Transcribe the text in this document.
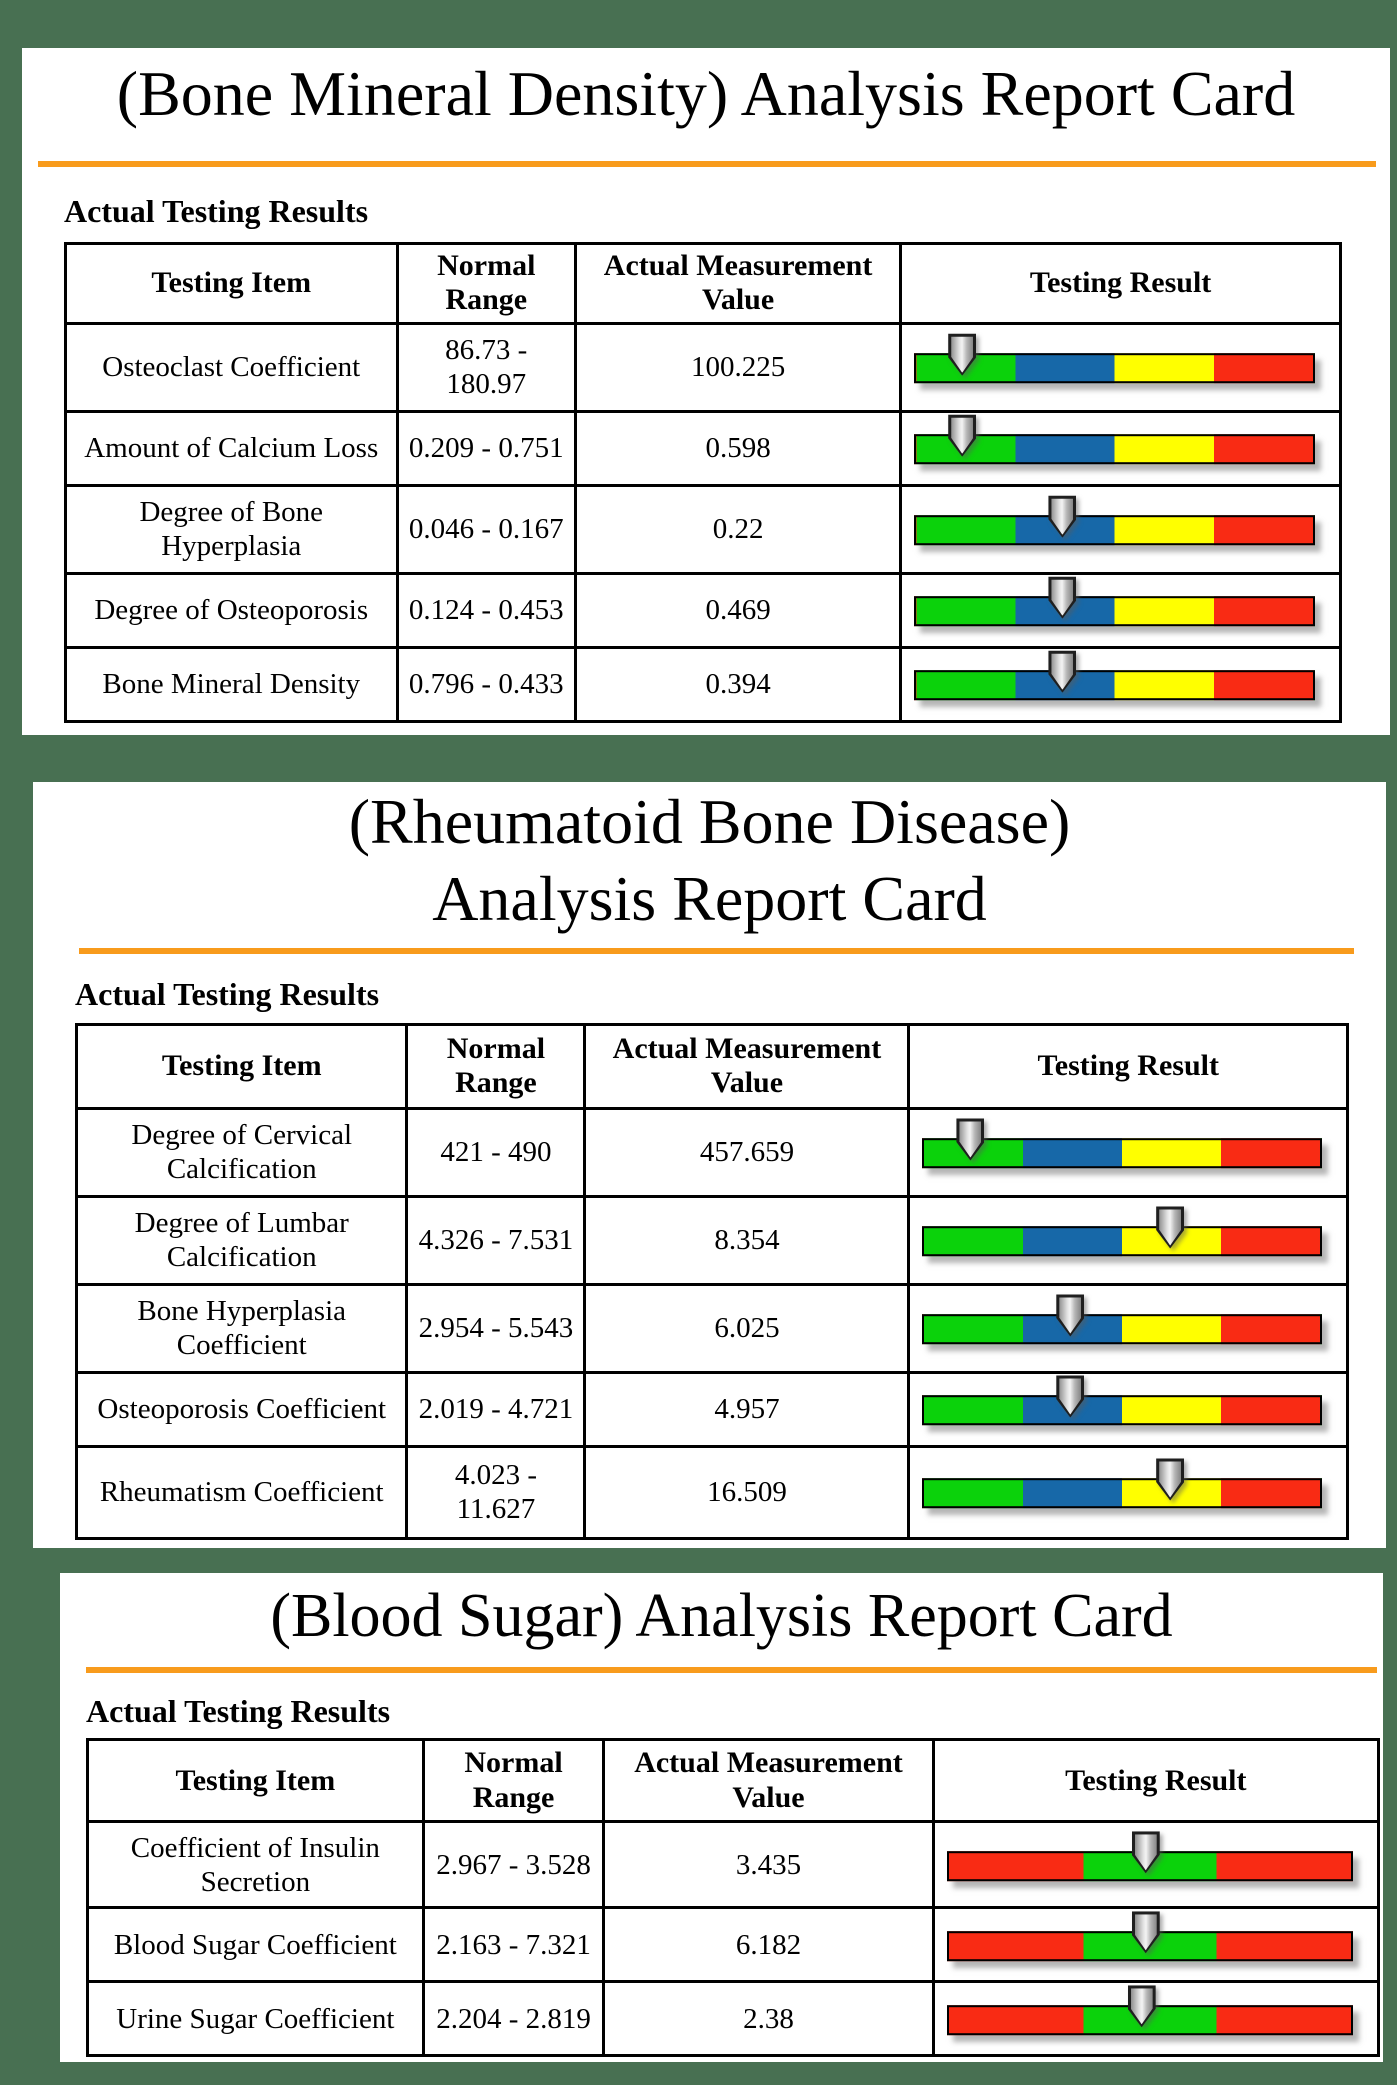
(Bone Mineral Density) Analysis Report Card
Actual Testing Results
Testing Item	Normal Range	Actual Measurement Value	Testing Result
Osteoclast Coefficient	86.73 - 180.97	100.225	

Amount of Calcium Loss	0.209 - 0.751	0.598	

Degree of Bone Hyperplasia	0.046 - 0.167	0.22	

Degree of Osteoporosis	0.124 - 0.453	0.469	

Bone Mineral Density	0.796 - 0.433	0.394	
(Rheumatoid Bone Disease)
Analysis Report Card
Actual Testing Results
Testing Item	Normal Range	Actual Measurement Value	Testing Result
Degree of Cervical Calcification	421 - 490	457.659	

Degree of Lumbar Calcification	4.326 - 7.531	8.354	

Bone Hyperplasia Coefficient	2.954 - 5.543	6.025	

Osteoporosis Coefficient	2.019 - 4.721	4.957	

Rheumatism Coefficient	4.023 - 11.627	16.509	
(Blood Sugar) Analysis Report Card
Actual Testing Results
Testing Item	Normal Range	Actual Measurement Value	Testing Result
Coefficient of Insulin Secretion	2.967 - 3.528	3.435	

Blood Sugar Coefficient	2.163 - 7.321	6.182	

Urine Sugar Coefficient	2.204 - 2.819	2.38	
